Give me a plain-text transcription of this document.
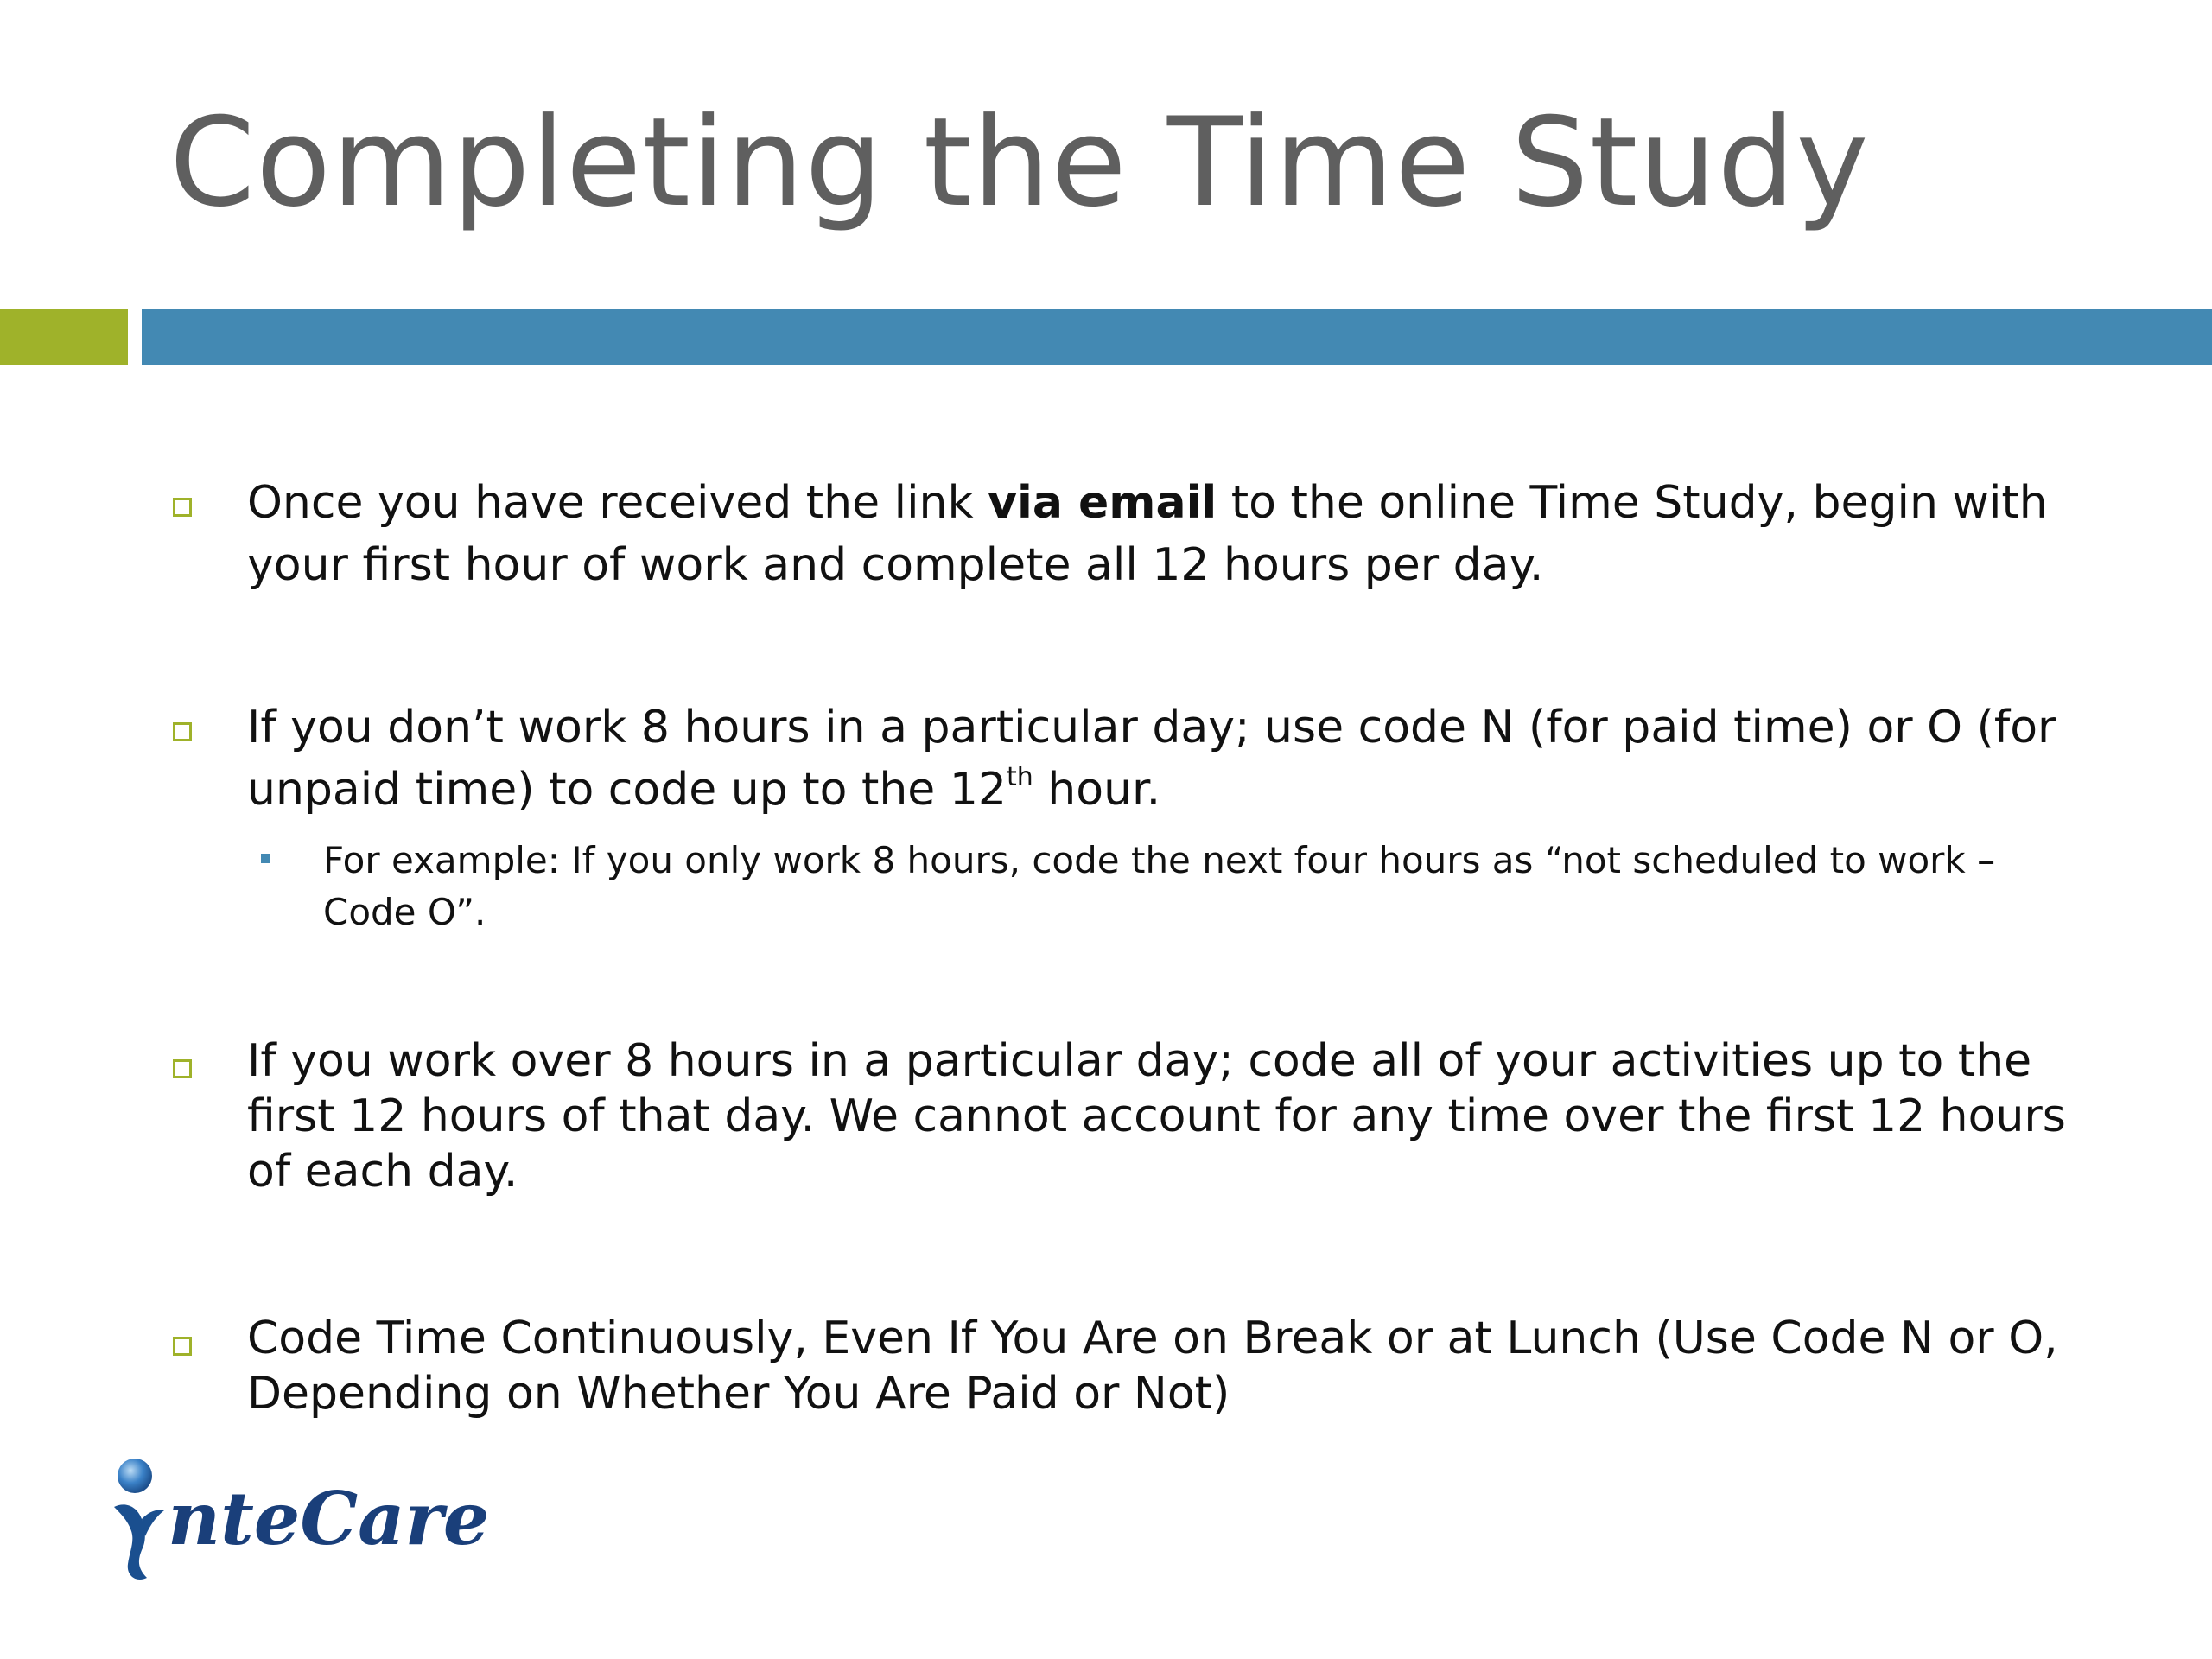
Completing the Time Study

Once you have received the link via email to the online Time Study, begin with your first hour of work and complete all 12 hours per day.

If you don’t work 8 hours in a particular day; use code N (for paid time) or O (for unpaid time) to code up to the 12th hour.

For example: If you only work 8 hours, code the next four hours as “not scheduled to work – Code O”.

If you work over 8 hours in a particular day; code all of your activities up to the first 12 hours of that day. We cannot account for any time over the first 12 hours of each day.

Code Time Continuously, Even If You Are on Break or at Lunch (Use Code N or O, Depending on Whether You Are Paid or Not)

nteCare
